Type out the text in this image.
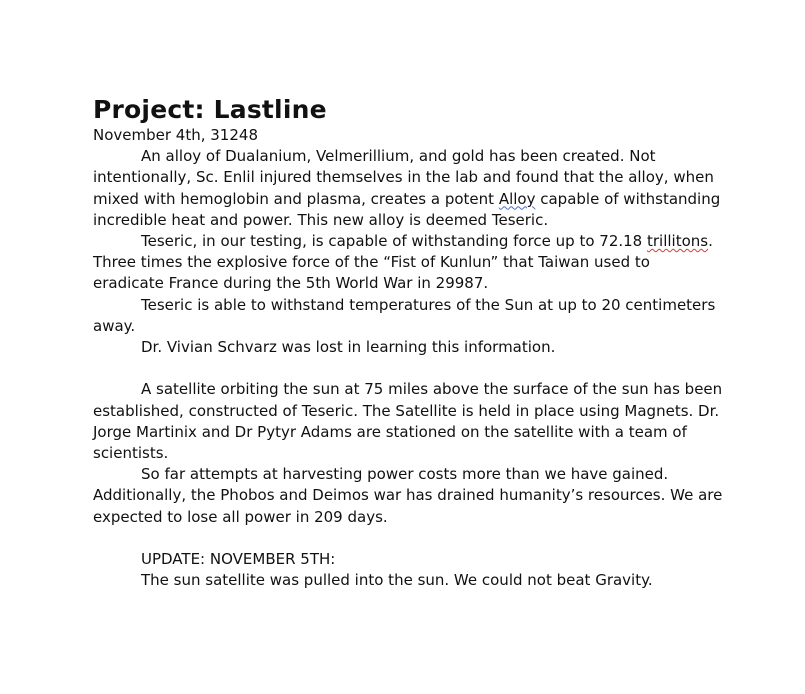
Project: Lastline

November 4th, 31248

An alloy of Dualanium, Velmerillium, and gold has been created. Not intentionally, Sc. Enlil injured themselves in the lab and found that the alloy, when mixed with hemoglobin and plasma, creates a potent Alloy capable of withstanding incredible heat and power. This new alloy is deemed Teseric.

Teseric, in our testing, is capable of withstanding force up to 72.18 trillitons. Three times the explosive force of the “Fist of Kunlun” that Taiwan used to eradicate France during the 5th World War in 29987.

Teseric is able to withstand temperatures of the Sun at up to 20 centimeters away.

Dr. Vivian Schvarz was lost in learning this information.

A satellite orbiting the sun at 75 miles above the surface of the sun has been established, constructed of Teseric. The Satellite is held in place using Magnets. Dr. Jorge Martinix and Dr Pytyr Adams are stationed on the satellite with a team of scientists.

So far attempts at harvesting power costs more than we have gained. Additionally, the Phobos and Deimos war has drained humanity’s resources. We are expected to lose all power in 209 days.

UPDATE: NOVEMBER 5TH:

The sun satellite was pulled into the sun. We could not beat Gravity.
